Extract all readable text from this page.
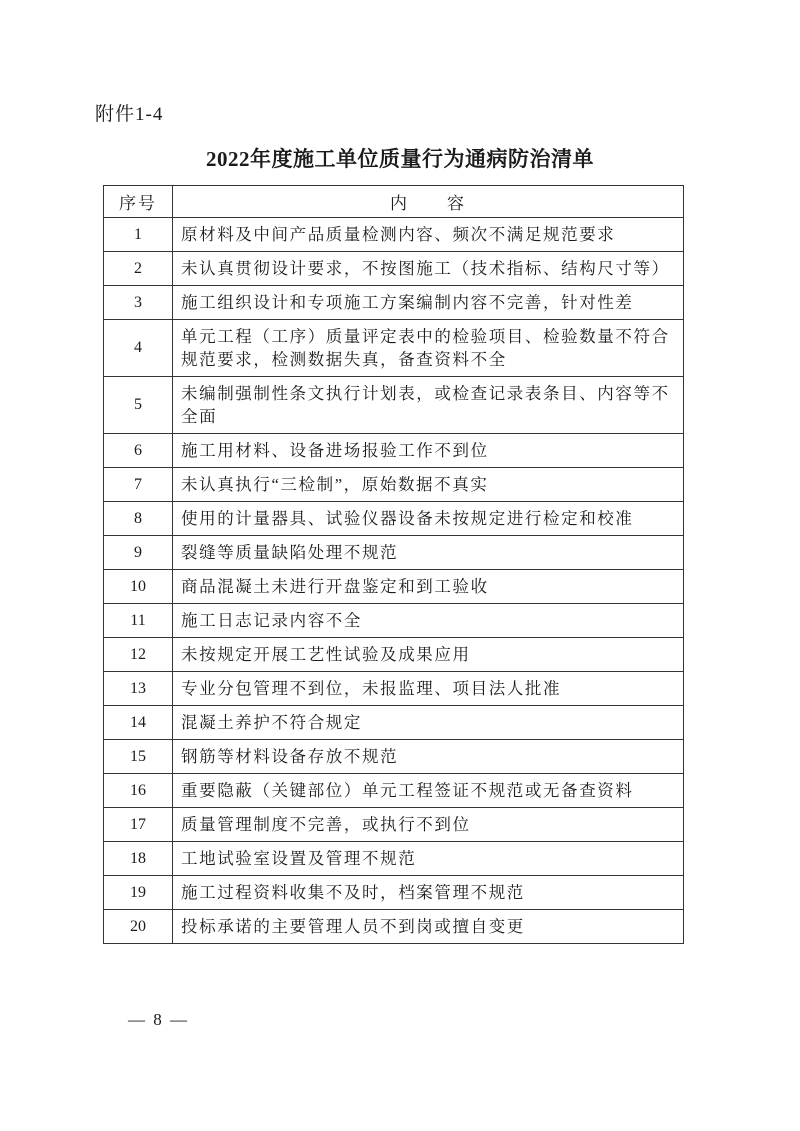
附件1-4
2022年度施工单位质量行为通病防治清单
序号	内　　容
1	原材料及中间产品质量检测内容、频次不满足规范要求
2	未认真贯彻设计要求，不按图施工（技术指标、结构尺寸等）
3	施工组织设计和专项施工方案编制内容不完善，针对性差
4	单元工程（工序）质量评定表中的检验项目、检验数量不符合规范要求，检测数据失真，备查资料不全
5	未编制强制性条文执行计划表，或检查记录表条目、内容等不全面
6	施工用材料、设备进场报验工作不到位
7	未认真执行“三检制”，原始数据不真实
8	使用的计量器具、试验仪器设备未按规定进行检定和校准
9	裂缝等质量缺陷处理不规范
10	商品混凝土未进行开盘鉴定和到工验收
11	施工日志记录内容不全
12	未按规定开展工艺性试验及成果应用
13	专业分包管理不到位，未报监理、项目法人批准
14	混凝土养护不符合规定
15	钢筋等材料设备存放不规范
16	重要隐蔽（关键部位）单元工程签证不规范或无备查资料
17	质量管理制度不完善，或执行不到位
18	工地试验室设置及管理不规范
19	施工过程资料收集不及时，档案管理不规范
20	投标承诺的主要管理人员不到岗或擅自变更
— 8 —
